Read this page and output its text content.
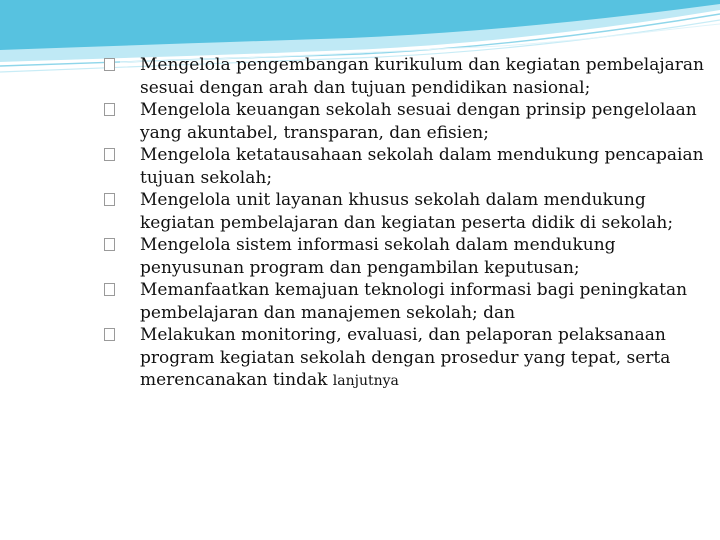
Mengelola pengembangan kurikulum dan kegiatan pembelajaran sesuai dengan arah dan tujuan pendidikan nasional;
Mengelola keuangan sekolah sesuai dengan prinsip pengelolaan yang akuntabel, transparan, dan efisien;
Mengelola ketatausahaan sekolah dalam mendukung pencapaian tujuan sekolah;
Mengelola unit layanan khusus sekolah dalam mendukung kegiatan pembelajaran dan kegiatan peserta didik di sekolah;
Mengelola sistem informasi sekolah dalam mendukung penyusunan program dan pengambilan keputusan;
Memanfaatkan kemajuan teknologi informasi bagi peningkatan pembelajaran dan manajemen sekolah; dan
Melakukan monitoring, evaluasi, dan pelaporan pelaksanaan program kegiatan sekolah dengan prosedur yang tepat, serta merencanakan tindak lanjutnya
